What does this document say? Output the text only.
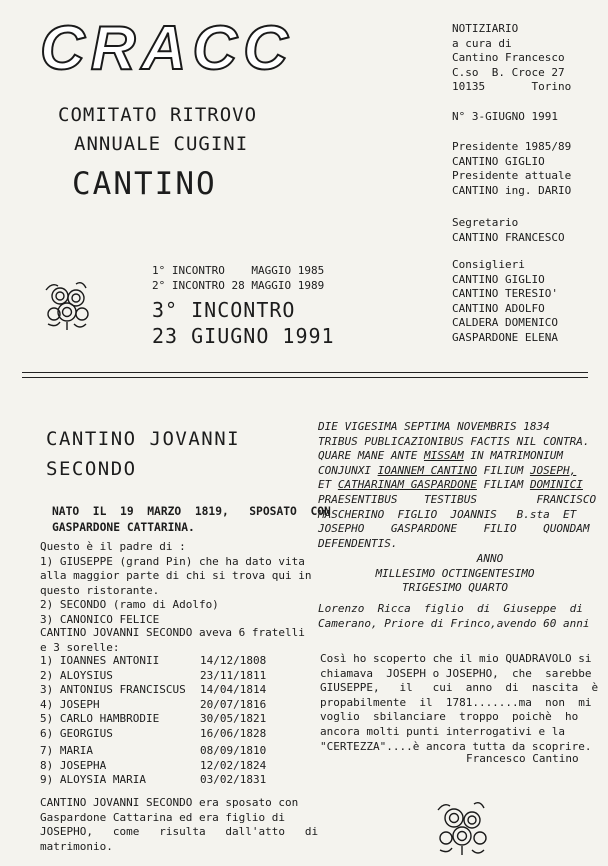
CRACC
COMITATO RITROVO
ANNUALE CUGINI
CANTINO
1° INCONTRO    MAGGIO 1985
2° INCONTRO 28 MAGGIO 1989
3° INCONTRO
23 GIUGNO 1991
NOTIZIARIO
a cura di
Cantino Francesco
C.so  B. Croce 27
10135       Torino
N° 3-GIUGNO 1991
Presidente 1985/89
CANTINO GIGLIO
Presidente attuale
CANTINO ing. DARIO
Segretario
CANTINO FRANCESCO
Consiglieri
CANTINO GIGLIO
CANTINO TERESIO'
CANTINO ADOLFO
CALDERA DOMENICO
GASPARDONE ELENA
CANTINO JOVANNI
SECONDO
NATO  IL  19  MARZO  1819,   SPOSATO  CON
GASPARDONE CATTARINA.
Questo è il padre di :
1) GIUSEPPE (grand Pin) che ha dato vita
alla maggior parte di chi si trova qui in
questo ristorante.
2) SECONDO (ramo di Adolfo)
3) CANONICO FELICE
CANTINO JOVANNI SECONDO aveva 6 fratelli
e 3 sorelle:
1) IOANNES ANTONII	14/12/1808
2) ALOYSIUS	23/11/1811
3) ANTONIUS FRANCISCUS	14/04/1814
4) JOSEPH	20/07/1816
5) CARLO HAMBRODIE	30/05/1821
6) GEORGIUS	16/06/1828
7) MARIA	08/09/1810
8) JOSEPHA	12/02/1824
9) ALOYSIA MARIA	03/02/1831
CANTINO JOVANNI SECONDO era sposato con
Gaspardone Cattarina ed era figlio di
JOSEPHO,   come   risulta   dall'atto   di
matrimonio.
DIE VIGESIMA SEPTIMA NOVEMBRIS 1834
TRIBUS PUBLICAZIONIBUS FACTIS NIL CONTRA.
QUARE MANE ANTE MISSAM IN MATRIMONIUM
CONJUNXI IOANNEM CANTINO FILIUM JOSEPH,
ET CATHARINAM GASPARDONE FILIAM DOMINICI
PRAESENTIBUS    TESTIBUS         FRANCISCO
MASCHERINO  FIGLIO  JOANNIS   B.sta  ET
JOSEPHO    GASPARDONE    FILIO    QUONDAM
DEFENDENTIS.
ANNO
MILLESIMO OCTINGENTESIMO
TRIGESIMO QUARTO
Lorenzo  Ricca  figlio  di  Giuseppe  di
Camerano, Priore di Frinco,avendo 60 anni
Così ho scoperto che il mio QUADRAVOLO si
chiamava  JOSEPH o JOSEPHO,  che  sarebbe
GIUSEPPE,   il   cui  anno  di  nascita  è
propabilmente  il  1781.......ma  non  mi
voglio  sbilanciare  troppo  poichè  ho
ancora molti punti interrogativi e la
"CERTEZZA"....è ancora tutta da scoprire.
Francesco Cantino
